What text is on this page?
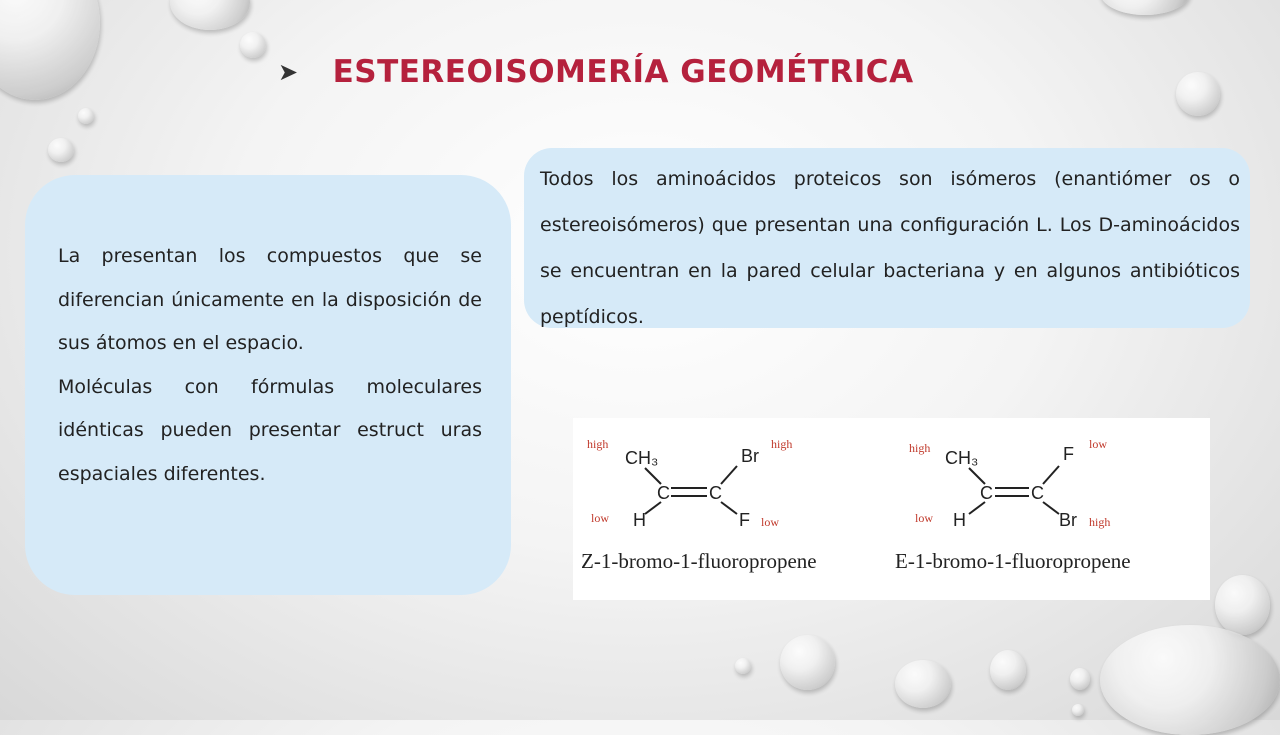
➤ ESTEREOISOMERÍA GEOMÉTRICA

La presentan los compuestos que se diferencian únicamente en la disposición de sus átomos en el espacio.

Moléculas con fórmulas moleculares idénticas pueden presentar estruct uras espaciales diferentes.

Todos los aminoácidos proteicos son isómeros (enantiómer os o estereoisómeros) que presentan una configuración L. Los D-aminoácidos se encuentran en la pared celular bacteriana y en algunos antibióticos peptídicos.
CH₃
C C
H
Br
F
high
low
high
low
Z-1-bromo-1-fluoropropene
CH₃
C C
H
F
Br
high
low
low
high
E-1-bromo-1-fluoropropene
